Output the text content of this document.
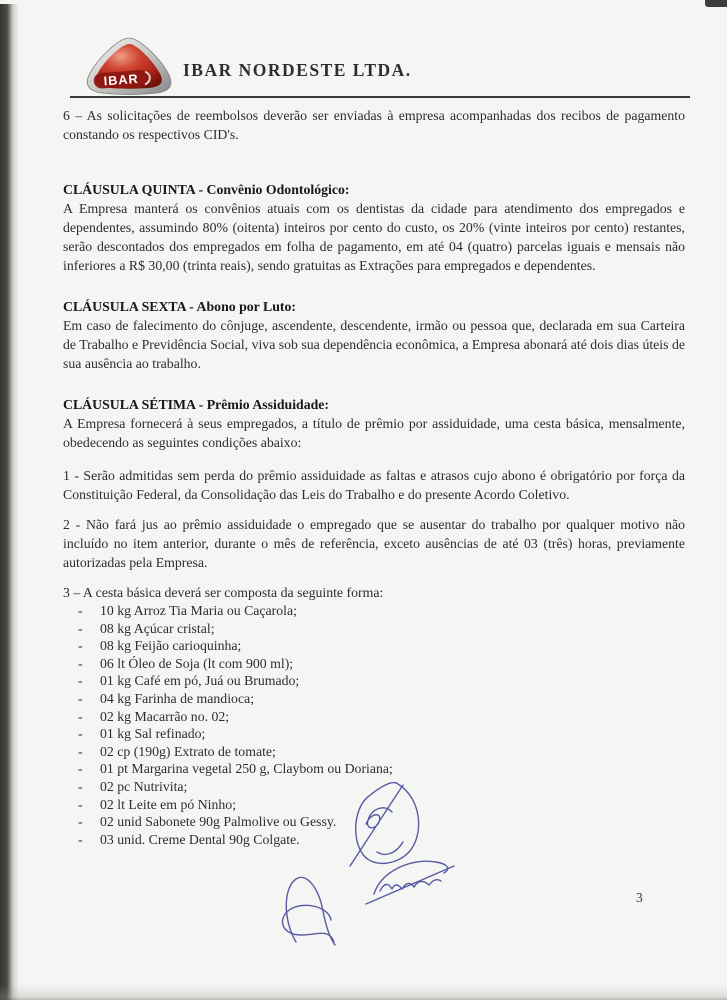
IBAR	IBAR NORDESTE LTDA.

6 – As solicitações de reembolsos deverão ser enviadas à empresa acompanhadas dos recibos de pagamento constando os respectivos CID's.

CLÁUSULA QUINTA - Convênio Odontológico:

A Empresa manterá os convênios atuais com os dentistas da cidade para atendimento dos empregados e dependentes, assumindo 80% (oitenta) inteiros por cento do custo, os 20% (vinte inteiros por cento) restantes, serão descontados dos empregados em folha de pagamento, em até 04 (quatro) parcelas iguais e mensais não inferiores a R$ 30,00 (trinta reais), sendo gratuitas as Extrações para empregados e dependentes.

CLÁUSULA SEXTA - Abono por Luto:

Em caso de falecimento do cônjuge, ascendente, descendente, irmão ou pessoa que, declarada em sua Carteira de Trabalho e Previdência Social, viva sob sua dependência econômica, a Empresa abonará até dois dias úteis de sua ausência ao trabalho.

CLÁUSULA SÉTIMA - Prêmio Assiduidade:

A Empresa fornecerá à seus empregados, a título de prêmio por assiduidade, uma cesta básica, mensalmente, obedecendo as seguintes condições abaixo:

1 - Serão admitidas sem perda do prêmio assiduidade as faltas e atrasos cujo abono é obrigatório por força da Constituição Federal, da Consolidação das Leis do Trabalho e do presente Acordo Coletivo.

2 - Não fará jus ao prêmio assiduidade o empregado que se ausentar do trabalho por qualquer motivo não incluído no item anterior, durante o mês de referência, exceto ausências de até 03 (três) horas, previamente autorizadas pela Empresa.

3 – A cesta básica deverá ser composta da seguinte forma:

-	10 kg Arroz Tia Maria ou Caçarola;
-	08 kg Açúcar cristal;
-	08 kg Feijão carioquinha;
-	06 lt Óleo de Soja (lt com 900 ml);
-	01 kg Café em pó, Juá ou Brumado;
-	04 kg Farinha de mandioca;
-	02 kg Macarrão no. 02;
-	01 kg Sal refinado;
-	02 cp (190g) Extrato de tomate;
-	01 pt Margarina vegetal 250 g, Claybom ou Doriana;
-	02 pc Nutrivita;
-	02 lt Leite em pó Ninho;
-	02 unid Sabonete 90g Palmolive ou Gessy.
-	03 unid. Creme Dental 90g Colgate.
3
